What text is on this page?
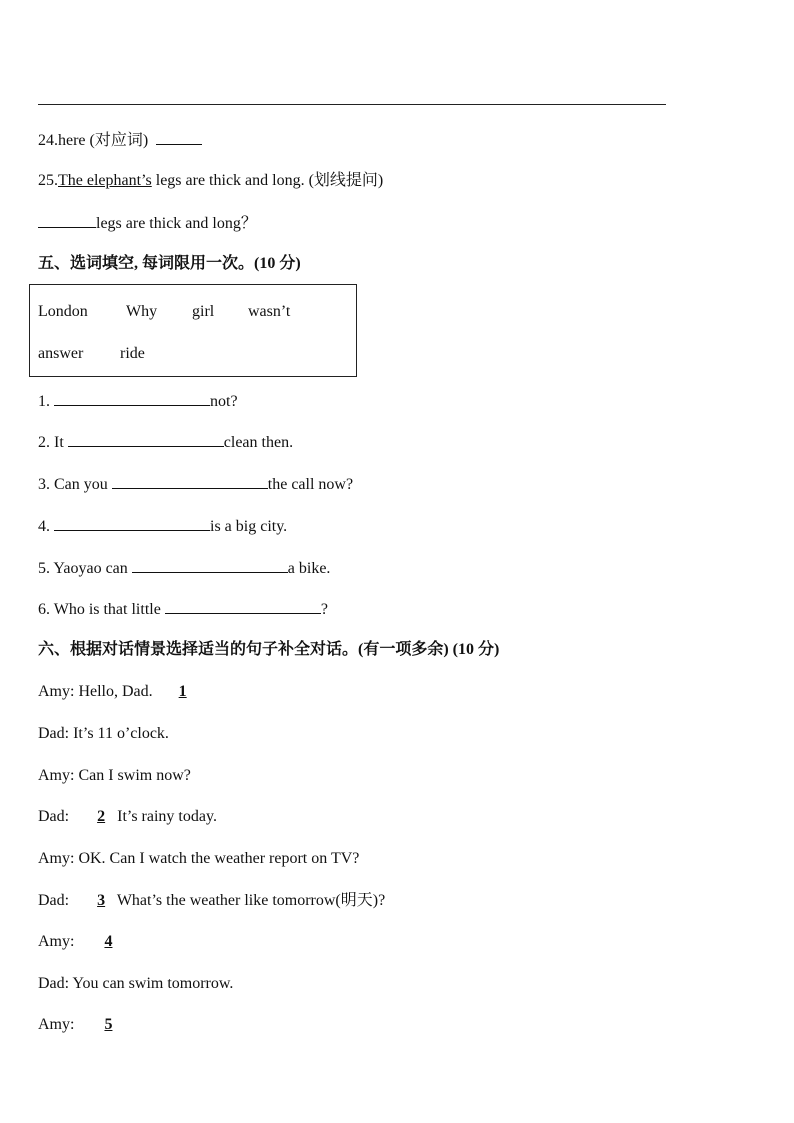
24.here (对应词)
25.The elephant’s legs are thick and long. (划线提问)
legs are thick and long？
五、选词填空, 每词限用一次。(10 分)
London Why girl wasn’t
answer ride
1.	not?
2. It	clean then.
3. Can you	the call now?
4.	is a big city.
5. Yaoyao can	a bike.
6. Who is that little	?
六、根据对话情景选择适当的句子补全对话。(有一项多余) (10 分)
Amy: Hello, Dad. 1
Dad: It’s 11 o’clock.
Amy: Can I swim now?
Dad: 2 It’s rainy today.
Amy: OK. Can I watch the weather report on TV?
Dad: 3 What’s the weather like tomorrow(明天)?
Amy: 4
Dad: You can swim tomorrow.
Amy: 5
